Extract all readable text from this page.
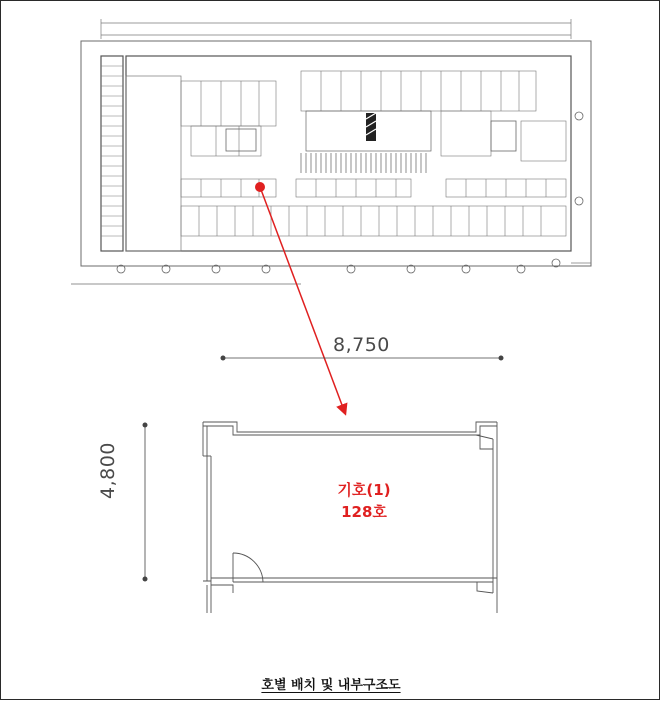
8,750
4,800	기호(1)
128호
호별 배치 및 내부구조도
